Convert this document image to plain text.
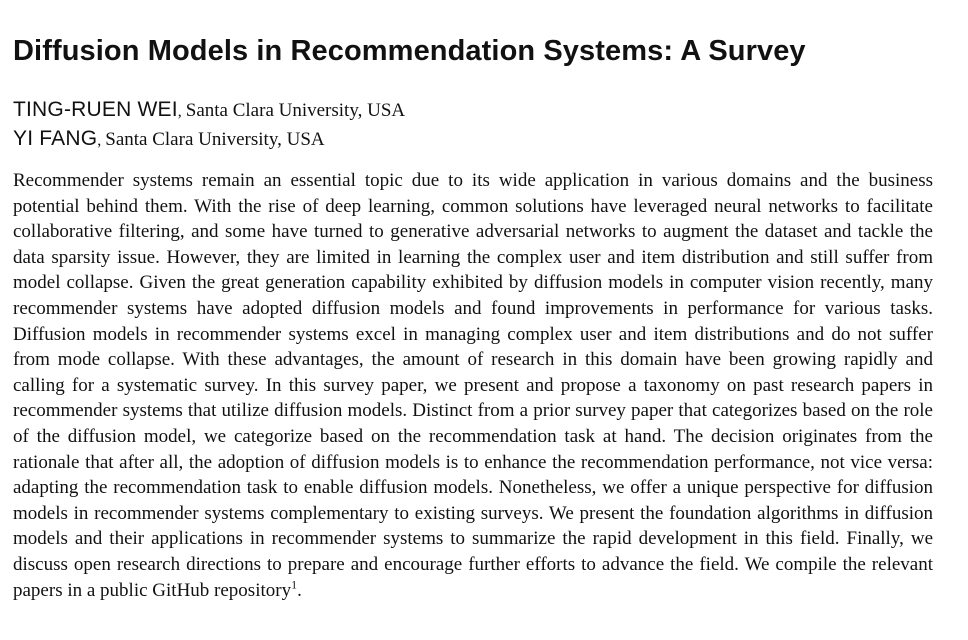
Diffusion Models in Recommendation Systems: A Survey
TING-RUEN WEI, Santa Clara University, USA
YI FANG, Santa Clara University, USA

Recommender systems remain an essential topic due to its wide application in various domains and the business potential behind them. With the rise of deep learning, common solutions have leveraged neural networks to facilitate collaborative filtering, and some have turned to generative adversarial networks to augment the dataset and tackle the data sparsity issue. However, they are limited in learning the complex user and item distribution and still suffer from model collapse. Given the great generation capability exhibited by diffusion models in computer vision recently, many recommender systems have adopted diffusion models and found improvements in performance for various tasks. Diffusion models in recommender systems excel in managing complex user and item distributions and do not suffer from mode collapse. With these advantages, the amount of research in this domain have been growing rapidly and calling for a systematic survey. In this survey paper, we present and propose a taxonomy on past research papers in recommender systems that utilize diffusion models. Distinct from a prior survey paper that categorizes based on the role of the diffusion model, we categorize based on the recommendation task at hand. The decision originates from the rationale that after all, the adoption of diffusion models is to enhance the recommendation performance, not vice versa: adapting the recommendation task to enable diffusion models. Nonetheless, we offer a unique perspective for diffusion models in recommender systems complementary to existing surveys. We present the foundation algorithms in diffusion models and their applications in recommender systems to summarize the rapid development in this field. Finally, we discuss open research directions to prepare and encourage further efforts to advance the field. We compile the relevant papers in a public GitHub repository$^1$.
